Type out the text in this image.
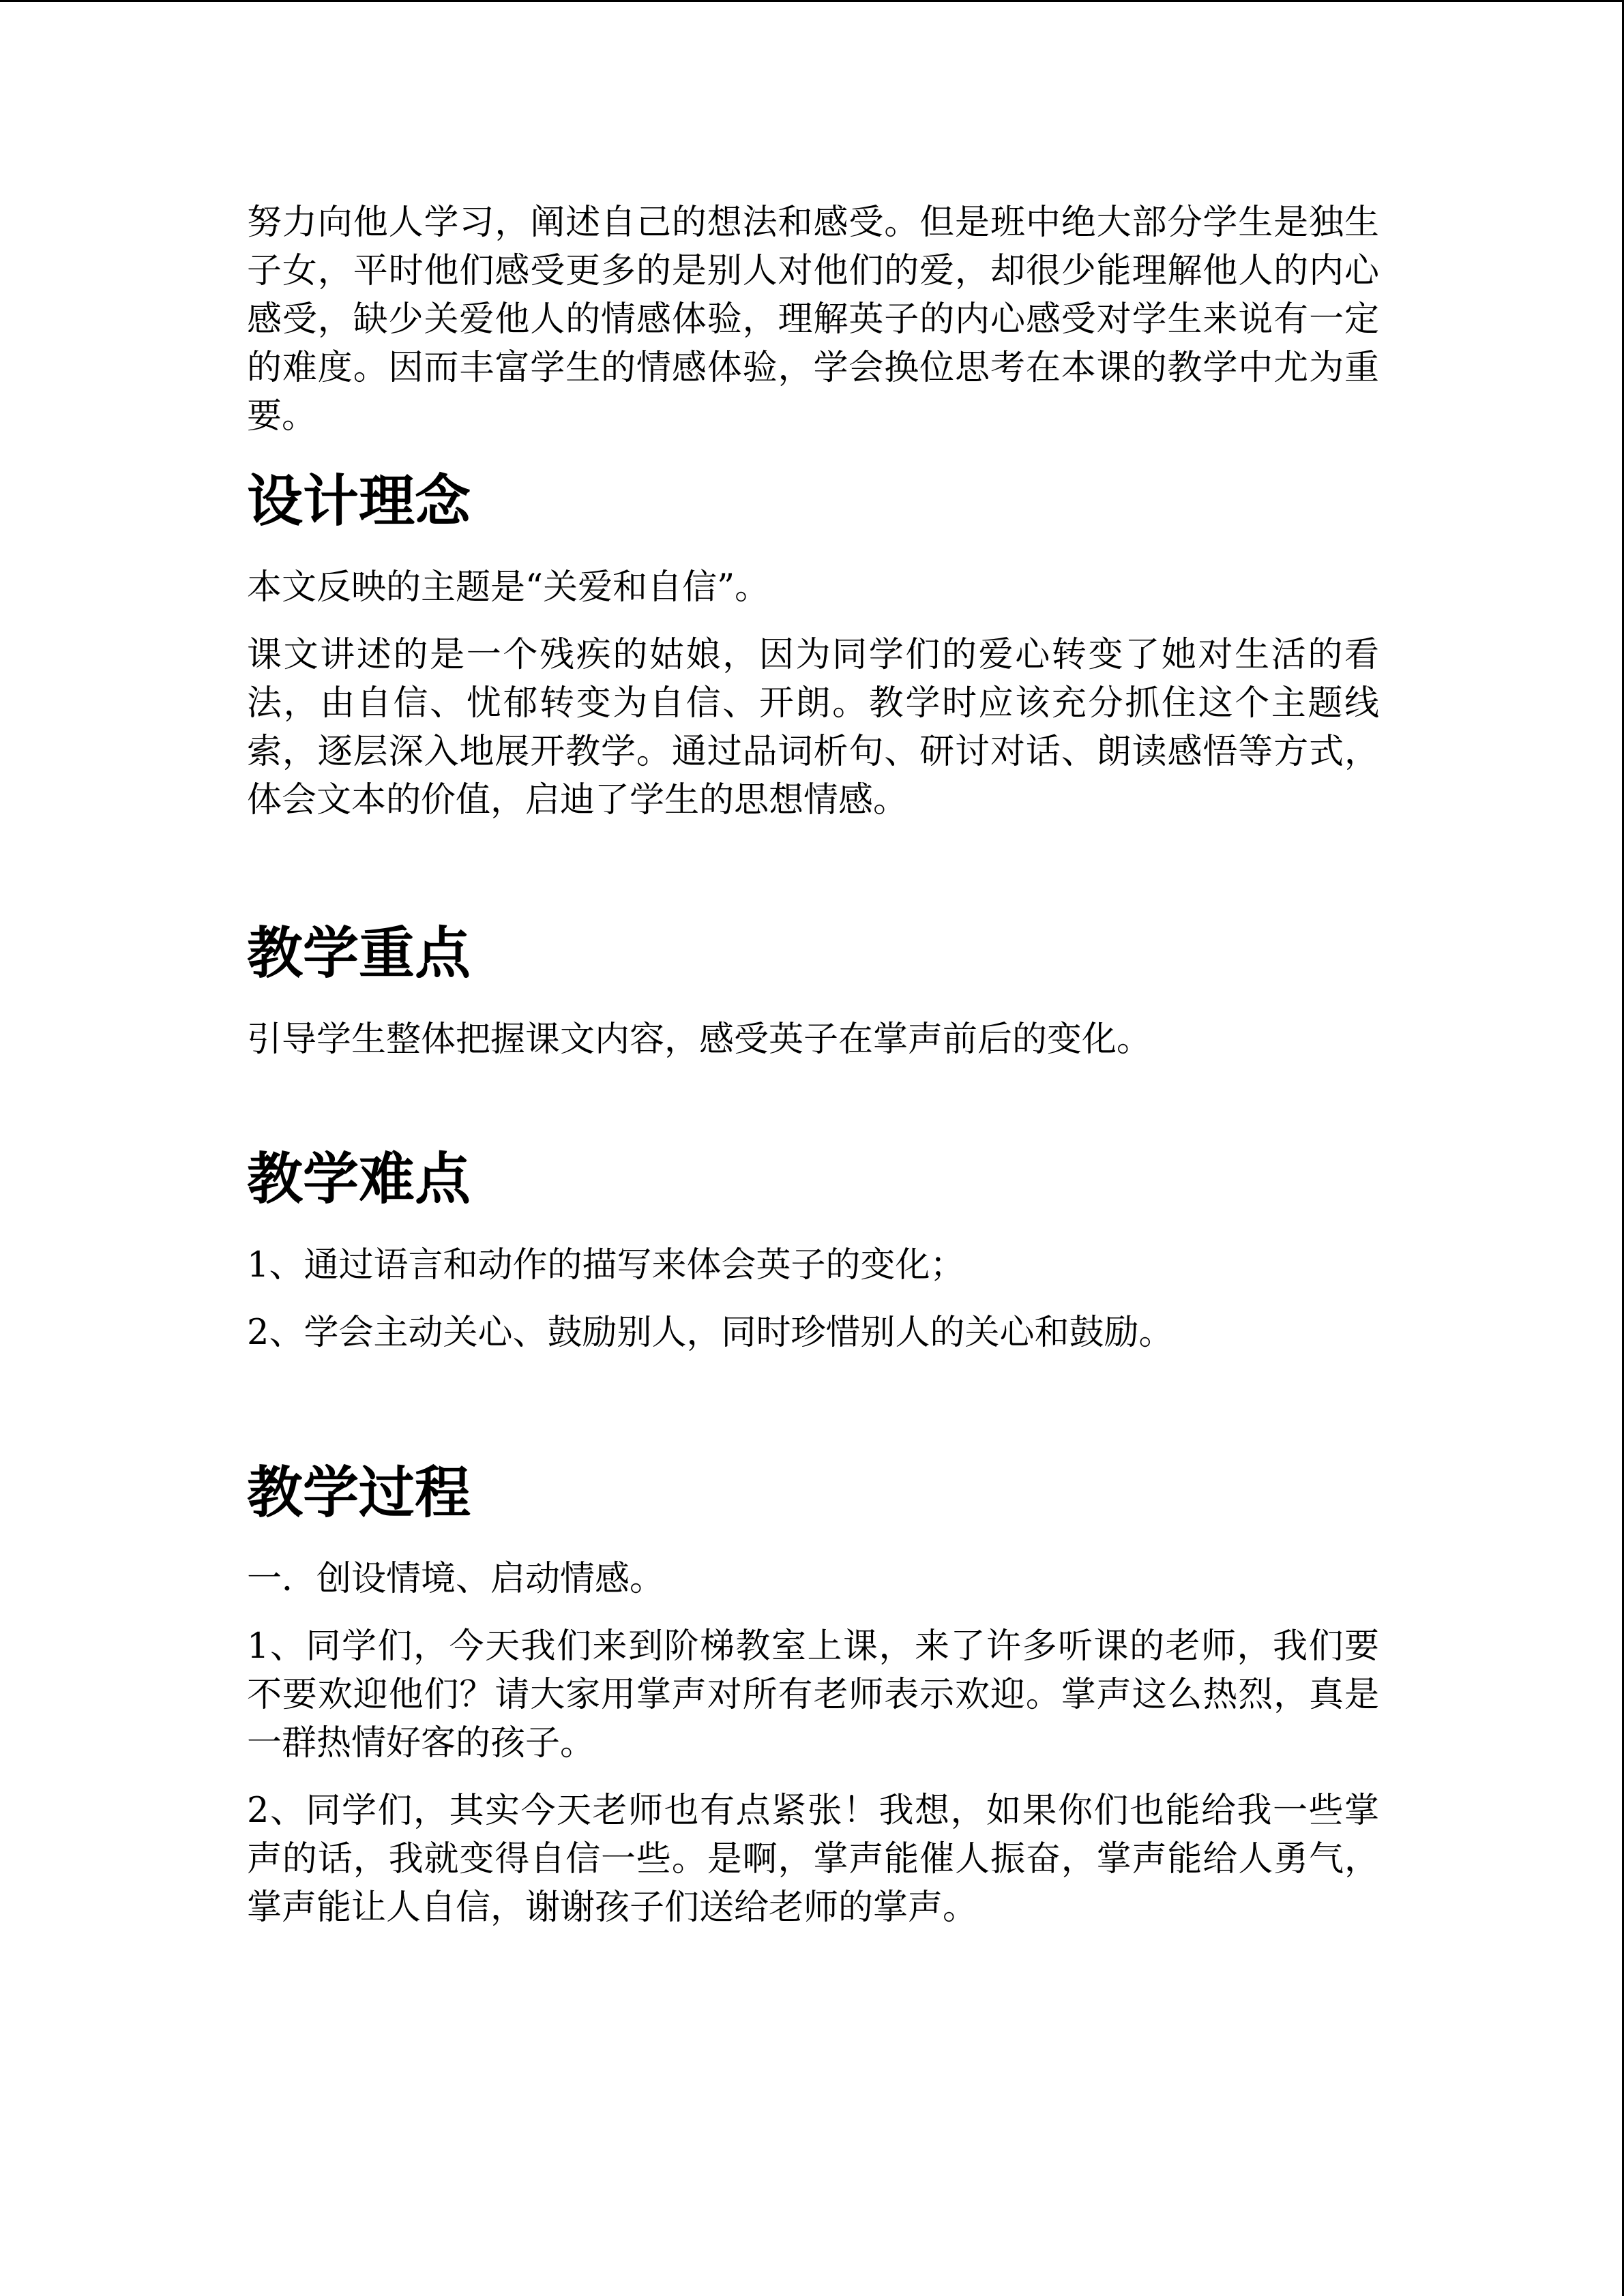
努力向他人学习，阐述自己的想法和感受。但是班中绝大部分学生是独生子女，平时他们感受更多的是别人对他们的爱，却很少能理解他人的内心感受，缺少关爱他人的情感体验，理解英子的内心感受对学生来说有一定的难度。因而丰富学生的情感体验，学会换位思考在本课的教学中尤为重要。

设计理念

本文反映的主题是“关爱和自信”。

课文讲述的是一个残疾的姑娘，因为同学们的爱心转变了她对生活的看法，由自信、忧郁转变为自信、开朗。教学时应该充分抓住这个主题线索，逐层深入地展开教学。通过品词析句、研讨对话、朗读感悟等方式，体会文本的价值，启迪了学生的思想情感。

教学重点

引导学生整体把握课文内容，感受英子在掌声前后的变化。

教学难点

1、通过语言和动作的描写来体会英子的变化；

2、学会主动关心、鼓励别人，同时珍惜别人的关心和鼓励。

教学过程

一．创设情境、启动情感。

1、同学们，今天我们来到阶梯教室上课，来了许多听课的老师，我们要不要欢迎他们？请大家用掌声对所有老师表示欢迎。掌声这么热烈，真是一群热情好客的孩子。

2、同学们，其实今天老师也有点紧张！我想，如果你们也能给我一些掌声的话，我就变得自信一些。是啊，掌声能催人振奋，掌声能给人勇气，掌声能让人自信，谢谢孩子们送给老师的掌声。
